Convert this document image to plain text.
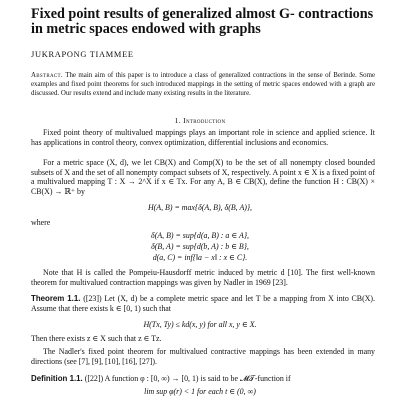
Fixed point results of generalized almost G- contractions in metric spaces endowed with graphs
JUKRAPONG TIAMMEE

Abstract. The main aim of this paper is to introduce a class of generalized contractions in the sense of Berinde. Some examples and fixed point theorems for such introduced mappings in the setting of metric spaces endowed with a graph are discussed. Our results extend and include many existing results in the literature.

1. Introduction

Fixed point theory of multivalued mappings plays an important role in science and applied science. It has applications in control theory, convex optimization, differential inclusions and economics.

For a metric space (X, d), we let CB(X) and Comp(X) to be the set of all nonempty closed bounded subsets of X and the set of all nonempty compact subsets of X, respectively. A point x ∈ X is a fixed point of a multivalued mapping T : X → 2^X if x ∈ Tx. For any A, B ∈ CB(X), define the function H : CB(X) × CB(X) → ℝ⁺ by

H(A, B) = max{δ(A, B), δ(B, A)},

where

δ(A, B) = sup{d(a, B) : a ∈ A},
δ(B, A) = sup{d(b, A) : b ∈ B},
d(a, C) = inf{‖a − x‖ : x ∈ C}.

Note that H is called the Pompeiu-Hausdorff metric induced by metric d [10]. The first well-known theorem for multivalued contraction mappings was given by Nadler in 1969 [23].

Theorem 1.1. ([23]) Let (X, d) be a complete metric space and let T be a mapping from X into CB(X). Assume that there exists k ∈ [0, 1) such that

H(Tx, Ty) ≤ kd(x, y) for all x, y ∈ X.

Then there exists z ∈ X such that z ∈ Tz.

The Nadler's fixed point theorem for multivalued contractive mappings has been extended in many directions (see [7], [9], [10], [16], [27]).

Definition 1.1. ([22]) A function φ : [0, ∞) → [0, 1) is said to be 𝓜𝒯-function if

lim sup φ(r) < 1 for each t ∈ (0, ∞)
